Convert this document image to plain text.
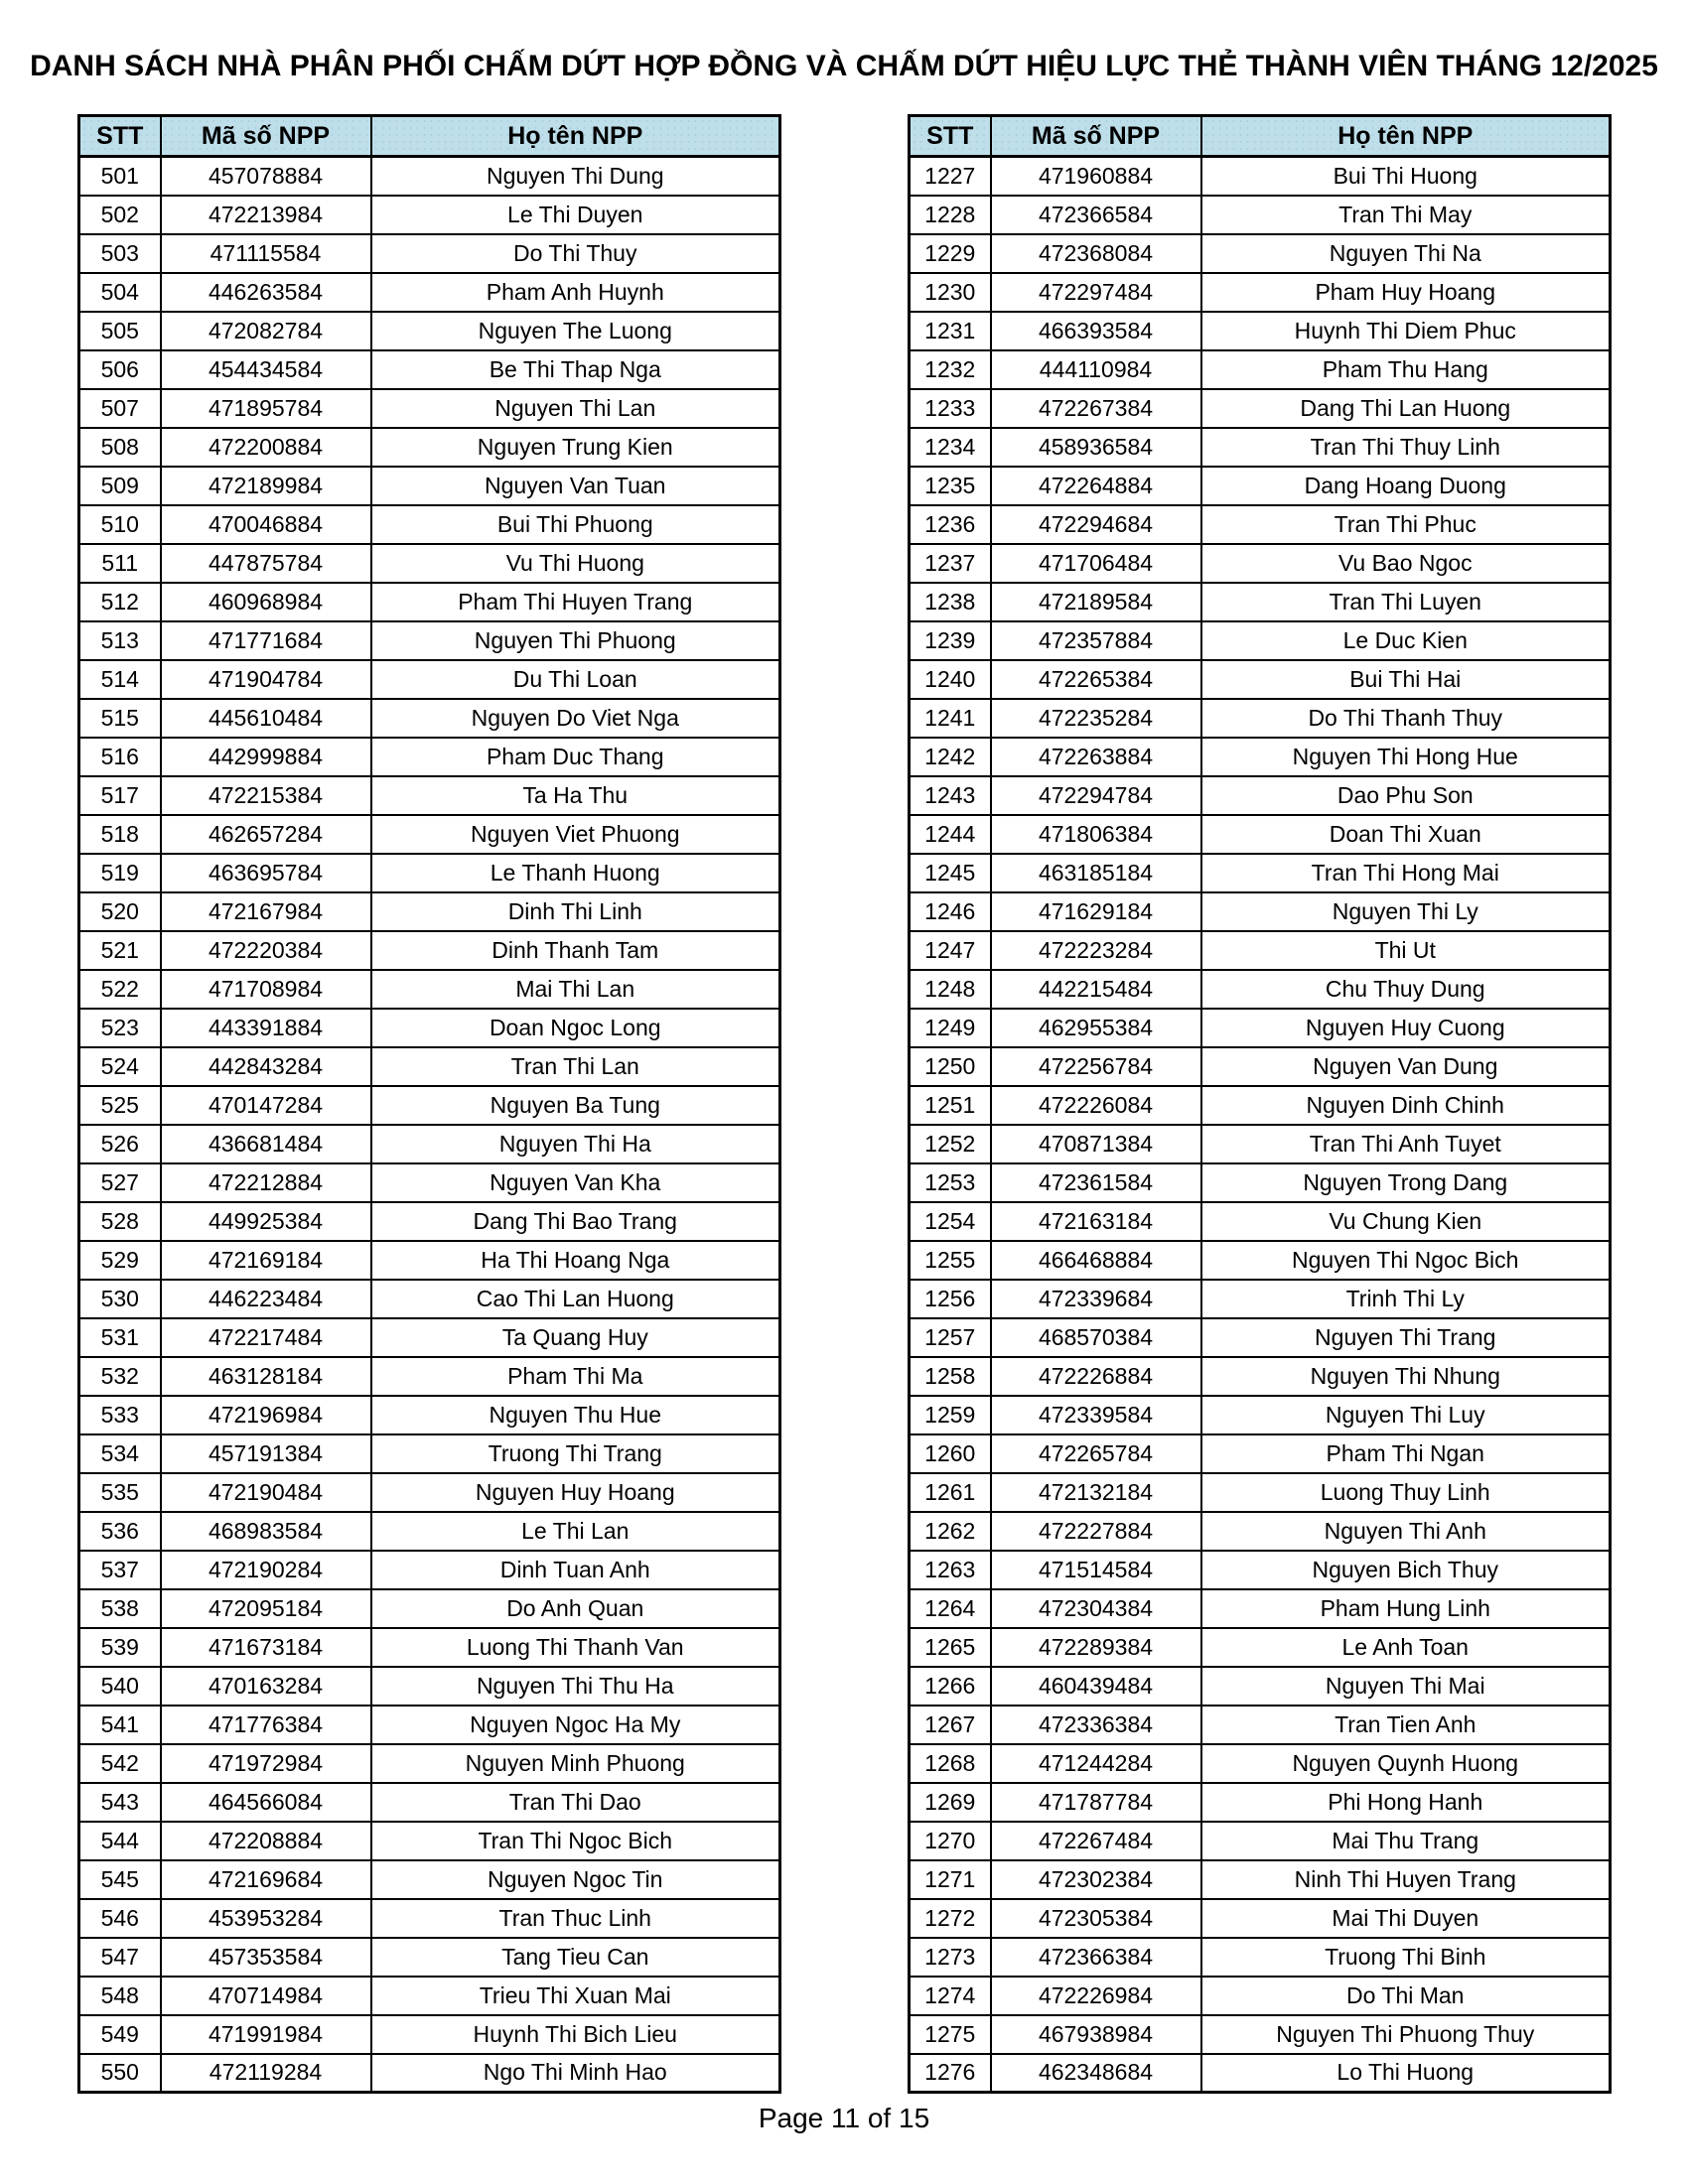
DANH SÁCH NHÀ PHÂN PHỐI CHẤM DỨT HỢP ĐỒNG VÀ CHẤM DỨT HIỆU LỰC THẺ THÀNH VIÊN THÁNG 12/2025
STT	Mã số NPP	Họ tên NPP
501	457078884	Nguyen Thi Dung
502	472213984	Le Thi Duyen
503	471115584	Do Thi Thuy
504	446263584	Pham Anh Huynh
505	472082784	Nguyen The Luong
506	454434584	Be Thi Thap Nga
507	471895784	Nguyen Thi Lan
508	472200884	Nguyen Trung Kien
509	472189984	Nguyen Van Tuan
510	470046884	Bui Thi Phuong
511	447875784	Vu Thi Huong
512	460968984	Pham Thi Huyen Trang
513	471771684	Nguyen Thi Phuong
514	471904784	Du Thi Loan
515	445610484	Nguyen Do Viet Nga
516	442999884	Pham Duc Thang
517	472215384	Ta Ha Thu
518	462657284	Nguyen Viet Phuong
519	463695784	Le Thanh Huong
520	472167984	Dinh Thi Linh
521	472220384	Dinh Thanh Tam
522	471708984	Mai Thi Lan
523	443391884	Doan Ngoc Long
524	442843284	Tran Thi Lan
525	470147284	Nguyen Ba Tung
526	436681484	Nguyen Thi Ha
527	472212884	Nguyen Van Kha
528	449925384	Dang Thi Bao Trang
529	472169184	Ha Thi Hoang Nga
530	446223484	Cao Thi Lan Huong
531	472217484	Ta Quang Huy
532	463128184	Pham Thi Ma
533	472196984	Nguyen Thu Hue
534	457191384	Truong Thi Trang
535	472190484	Nguyen Huy Hoang
536	468983584	Le Thi Lan
537	472190284	Dinh Tuan Anh
538	472095184	Do Anh Quan
539	471673184	Luong Thi Thanh Van
540	470163284	Nguyen Thi Thu Ha
541	471776384	Nguyen Ngoc Ha My
542	471972984	Nguyen Minh Phuong
543	464566084	Tran Thi Dao
544	472208884	Tran Thi Ngoc Bich
545	472169684	Nguyen Ngoc Tin
546	453953284	Tran Thuc Linh
547	457353584	Tang Tieu Can
548	470714984	Trieu Thi Xuan Mai
549	471991984	Huynh Thi Bich Lieu
550	472119284	Ngo Thi Minh Hao
STT	Mã số NPP	Họ tên NPP
1227	471960884	Bui Thi Huong
1228	472366584	Tran Thi May
1229	472368084	Nguyen Thi Na
1230	472297484	Pham Huy Hoang
1231	466393584	Huynh Thi Diem Phuc
1232	444110984	Pham Thu Hang
1233	472267384	Dang Thi Lan Huong
1234	458936584	Tran Thi Thuy Linh
1235	472264884	Dang Hoang Duong
1236	472294684	Tran Thi Phuc
1237	471706484	Vu Bao Ngoc
1238	472189584	Tran Thi Luyen
1239	472357884	Le Duc Kien
1240	472265384	Bui Thi Hai
1241	472235284	Do Thi Thanh Thuy
1242	472263884	Nguyen Thi Hong Hue
1243	472294784	Dao Phu Son
1244	471806384	Doan Thi Xuan
1245	463185184	Tran Thi Hong Mai
1246	471629184	Nguyen Thi Ly
1247	472223284	Thi Ut
1248	442215484	Chu Thuy Dung
1249	462955384	Nguyen Huy Cuong
1250	472256784	Nguyen Van Dung
1251	472226084	Nguyen Dinh Chinh
1252	470871384	Tran Thi Anh Tuyet
1253	472361584	Nguyen Trong Dang
1254	472163184	Vu Chung Kien
1255	466468884	Nguyen Thi Ngoc Bich
1256	472339684	Trinh Thi Ly
1257	468570384	Nguyen Thi Trang
1258	472226884	Nguyen Thi Nhung
1259	472339584	Nguyen Thi Luy
1260	472265784	Pham Thi Ngan
1261	472132184	Luong Thuy Linh
1262	472227884	Nguyen Thi Anh
1263	471514584	Nguyen Bich Thuy
1264	472304384	Pham Hung Linh
1265	472289384	Le Anh Toan
1266	460439484	Nguyen Thi Mai
1267	472336384	Tran Tien Anh
1268	471244284	Nguyen Quynh Huong
1269	471787784	Phi Hong Hanh
1270	472267484	Mai Thu Trang
1271	472302384	Ninh Thi Huyen Trang
1272	472305384	Mai Thi Duyen
1273	472366384	Truong Thi Binh
1274	472226984	Do Thi Man
1275	467938984	Nguyen Thi Phuong Thuy
1276	462348684	Lo Thi Huong
Page 11 of 15
